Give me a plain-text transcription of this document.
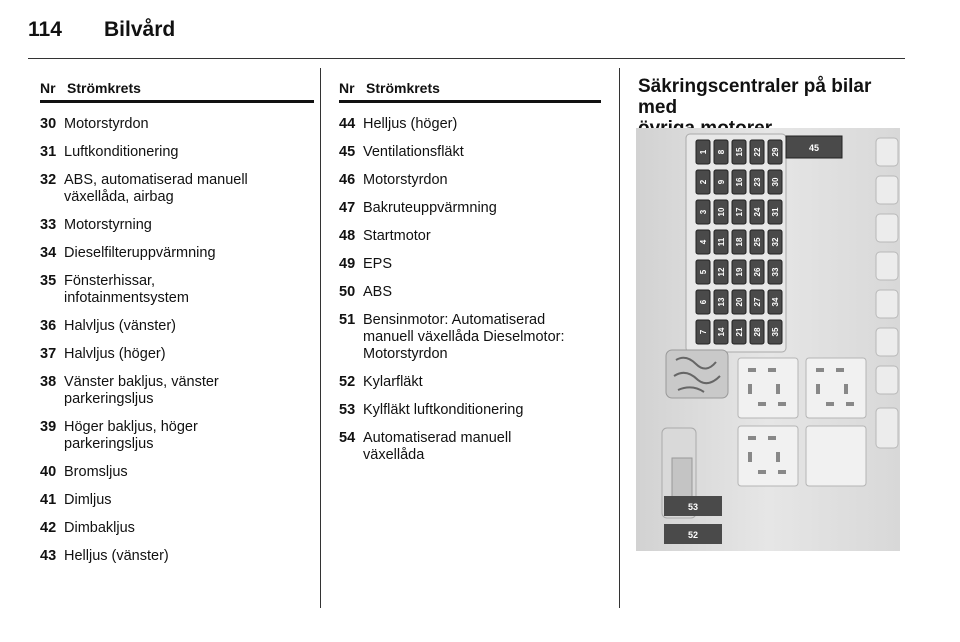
114 Bilvård
Nr Strömkrets
30 Motorstyrdon
31 Luftkonditionering
32 ABS, automatiserad manuell
växellåda, airbag
33 Motorstyrning
34 Dieselfilteruppvärmning
35 Fönsterhissar,
infotainmentsystem
36 Halvljus (vänster)
37 Halvljus (höger)
38 Vänster bakljus, vänster
parkeringsljus
39 Höger bakljus, höger
parkeringsljus
40 Bromsljus
41 Dimljus
42 Dimbakljus
43 Helljus (vänster)
Nr Strömkrets
44 Helljus (höger)
45 Ventilationsfläkt
46 Motorstyrdon
47 Bakruteuppvärmning
48 Startmotor
49 EPS
50 ABS
51 Bensinmotor: Automatiserad
manuell växellåda Dieselmotor:
Motorstyrdon
52 Kylarfläkt
53 Kylfläkt luftkonditionering
54 Automatiserad manuell
växellåda
Säkringscentraler på bilar med

1 8 15 22 29
2 9 16 23 30
3 10 17 24 31
4 11 18 25 32
5 12 19 26 33
6 13 20 27 34
7 14 21 28 35
45
53
52
